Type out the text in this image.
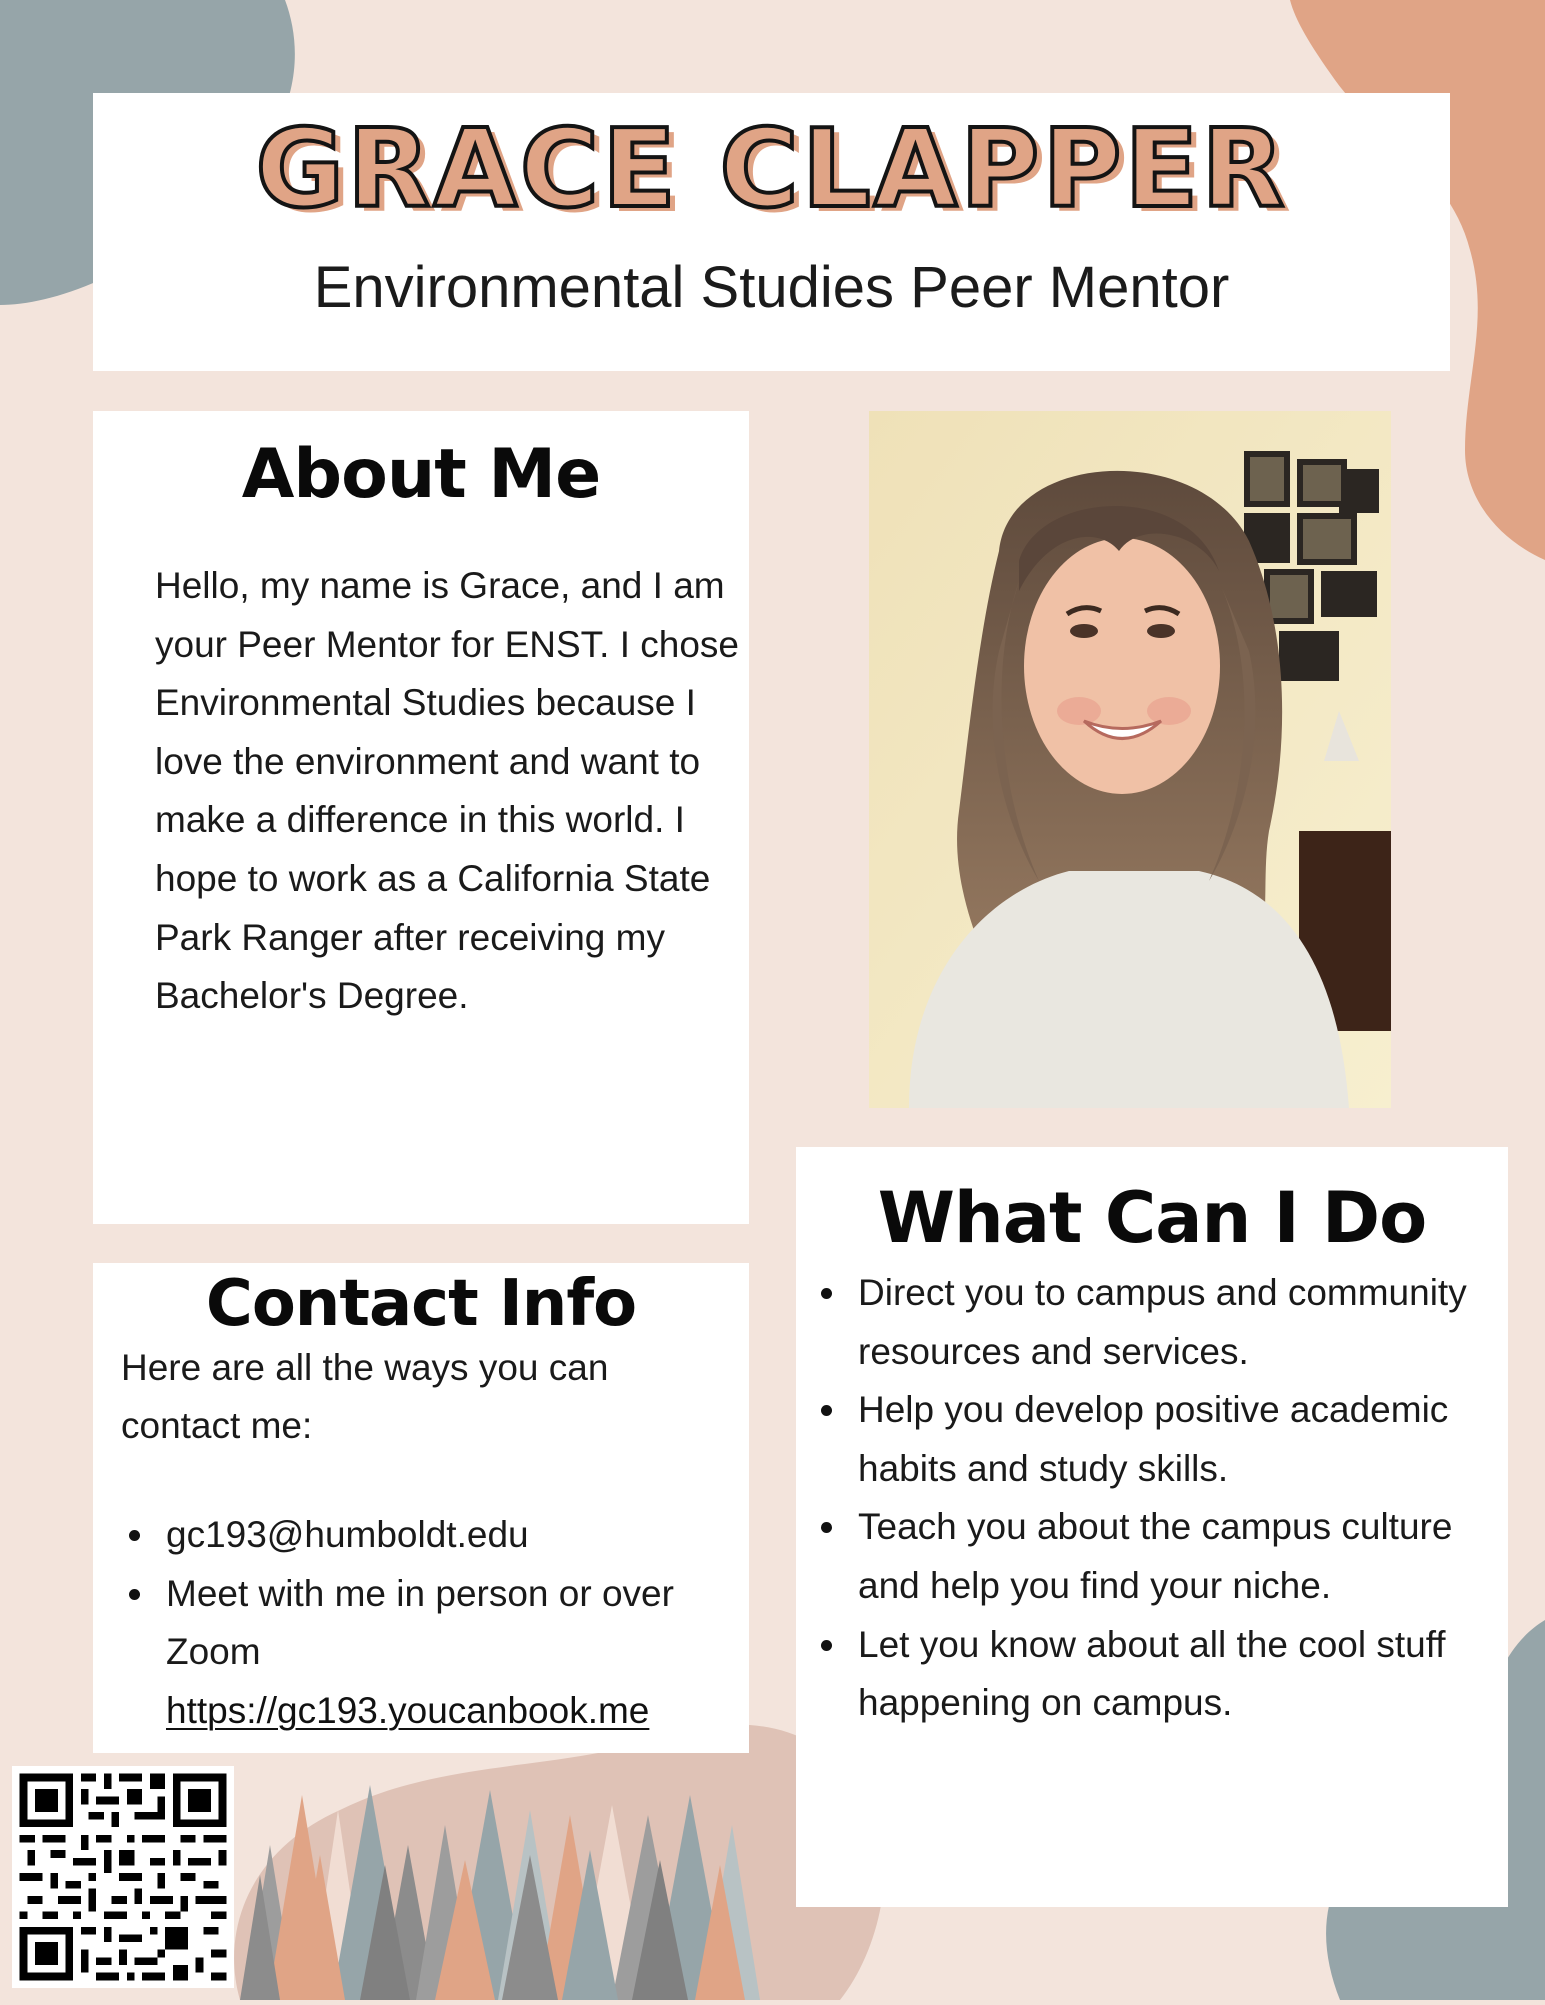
GRACE CLAPPER
Environmental Studies Peer Mentor
About Me
Hello, my name is Grace, and I am your Peer Mentor for ENST. I chose Environmental Studies because I love the environment and want to make a difference in this world. I hope to work as a California State Park Ranger after receiving my Bachelor's Degree.
Contact Info
Here are all the ways you can contact me:
gc193@humboldt.edu
Meet with me in person or over Zoom
https://gc193.youcanbook.me
What Can I Do
Direct you to campus and community resources and services.
Help you develop positive academic habits and study skills.
Teach you about the campus culture and help you find your niche.
Let you know about all the cool stuff happening on campus.
